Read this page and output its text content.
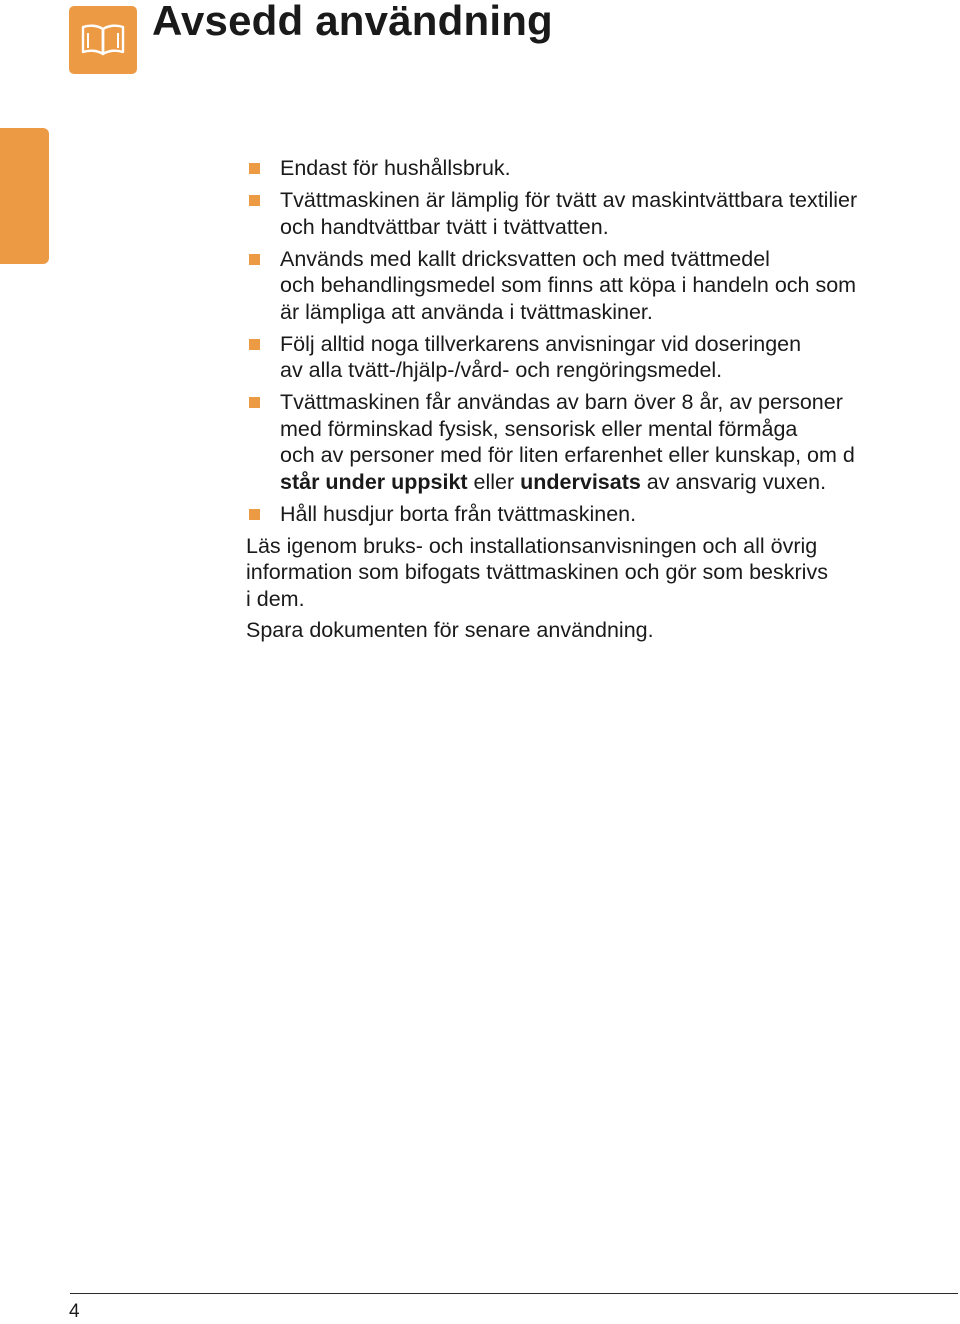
Avsedd användning
Endast för hushållsbruk.
Tvättmaskinen är lämplig för tvätt av maskintvättbara textilier
och handtvättbar tvätt i tvättvatten.
Används med kallt dricksvatten och med tvättmedel
och behandlingsmedel som finns att köpa i handeln och som
är lämpliga att använda i tvättmaskiner.
Följ alltid noga tillverkarens anvisningar vid doseringen
av alla tvätt-/hjälp-/vård- och rengöringsmedel.
Tvättmaskinen får användas av barn över 8 år, av personer
med förminskad fysisk, sensorisk eller mental förmåga
och av personer med för liten erfarenhet eller kunskap, om d
står under uppsikt eller undervisats av ansvarig vuxen.
Håll husdjur borta från tvättmaskinen.

Läs igenom bruks- och installationsanvisningen och all övrig
information som bifogats tvättmaskinen och gör som beskrivs
i dem.

Spara dokumenten för senare användning.

4
